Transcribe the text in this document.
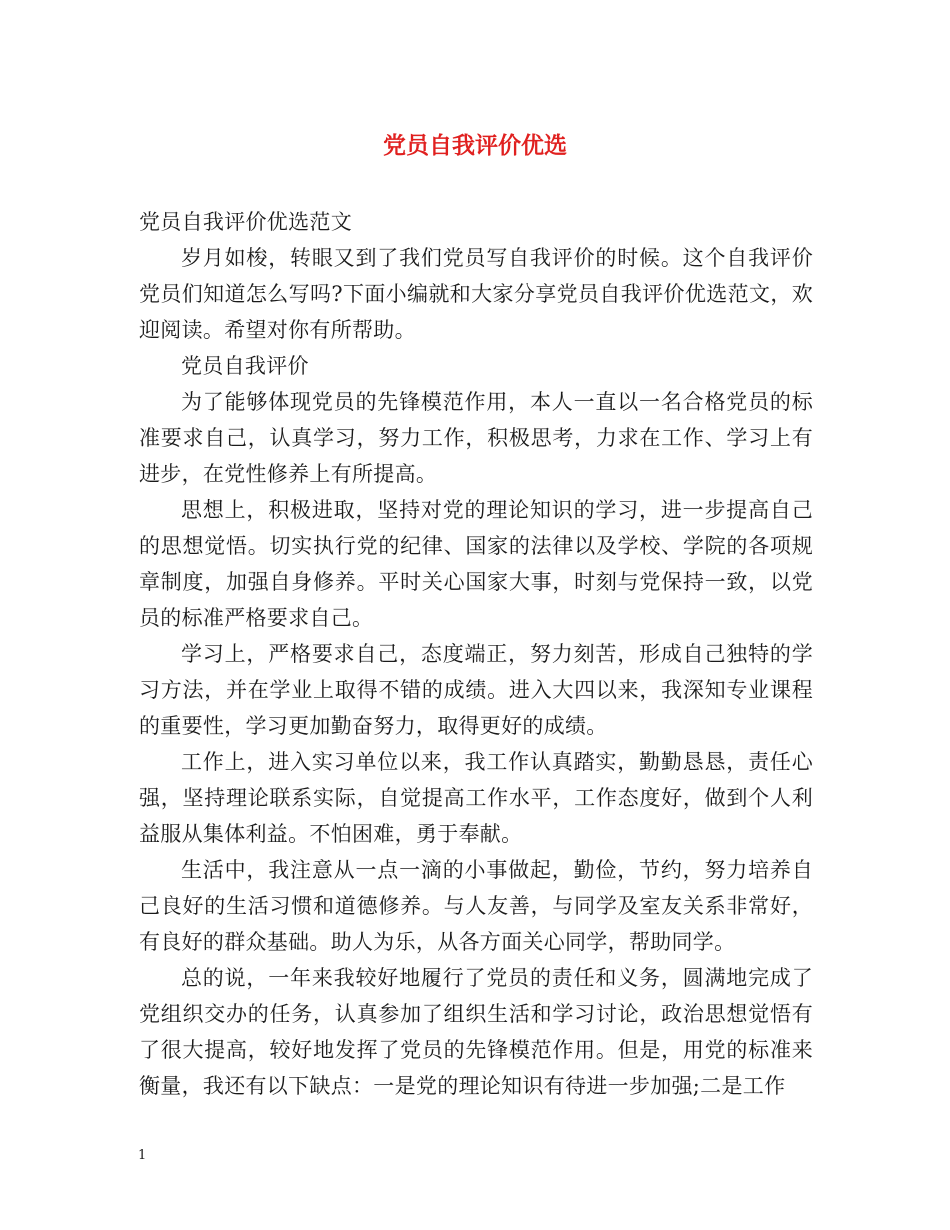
党员自我评价优选

党员自我评价优选范文

岁月如梭，转眼又到了我们党员写自我评价的时候。这个自我评价党员们知道怎么写吗?下面小编就和大家分享党员自我评价优选范文，欢迎阅读。希望对你有所帮助。

党员自我评价

为了能够体现党员的先锋模范作用，本人一直以一名合格党员的标准要求自己，认真学习，努力工作，积极思考，力求在工作、学习上有进步，在党性修养上有所提高。

思想上，积极进取，坚持对党的理论知识的学习，进一步提高自己的思想觉悟。切实执行党的纪律、国家的法律以及学校、学院的各项规章制度，加强自身修养。平时关心国家大事，时刻与党保持一致，以党员的标准严格要求自己。

学习上，严格要求自己，态度端正，努力刻苦，形成自己独特的学习方法，并在学业上取得不错的成绩。进入大四以来，我深知专业课程的重要性，学习更加勤奋努力，取得更好的成绩。

工作上，进入实习单位以来，我工作认真踏实，勤勤恳恳，责任心强，坚持理论联系实际，自觉提高工作水平，工作态度好，做到个人利益服从集体利益。不怕困难，勇于奉献。

生活中，我注意从一点一滴的小事做起，勤俭，节约，努力培养自己良好的生活习惯和道德修养。与人友善，与同学及室友关系非常好，有良好的群众基础。助人为乐，从各方面关心同学，帮助同学。

总的说，一年来我较好地履行了党员的责任和义务，圆满地完成了党组织交办的任务，认真参加了组织生活和学习讨论，政治思想觉悟有了很大提高，较好地发挥了党员的先锋模范作用。但是，用党的标准来衡量，我还有以下缺点：一是党的理论知识有待进一步加强;二是工作

1
